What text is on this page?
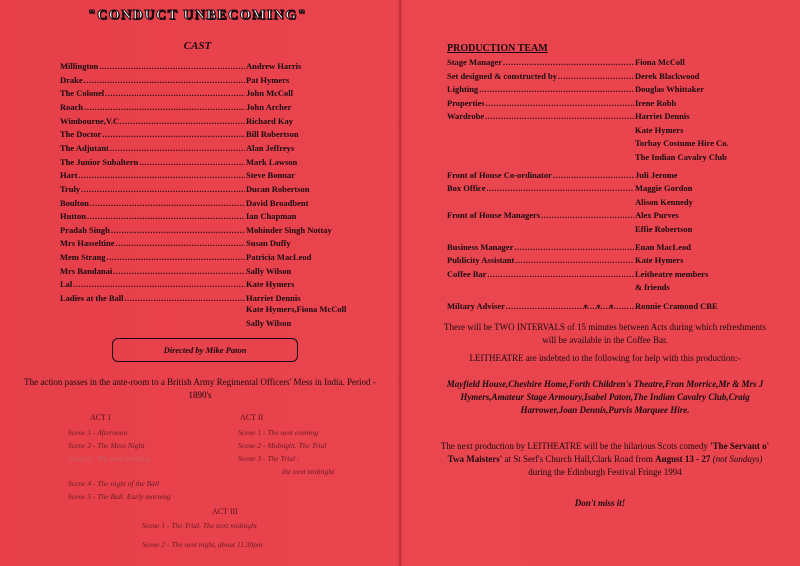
"CONDUCT UNBECOMING"
CAST
Millington .....	Andrew Harris
Drake .....	Pat Hymers
The Colonel .....	John McColl
Roach .....	John Archer
Wimbourne,V.C. .....	Richard Kay
The Doctor .....	Bill Robertson
The Adjutant .....	Alan Jeffreys
The Junior Subaltern .....	Mark Lawson
Hart .....	Steve Bonnar
Truly .....	Ducan Robertson
Boulton .....	David Broadbent
Hutton .....	Ian Chapman
Pradah Singh .....	Mohinder Singh Nottay
Mrs Hasseltine .....	Susan Duffy
Mem Strang .....	Patricia MacLeod
Mrs Bandanai .....	Sally Wilson
Lal .....	Kate Hymers
Ladies at the Ball .....	Harriet Dennis
Kate Hymers,Fiona McColl
Sally Wilson
Directed by Mike Paton
The action passes in the ante-room to a British Army Regimental Officers' Mess in India. Period - 1890's
ACT I
Scene 1 - Afternoon
Scene 2 - The Mess Night
Scene 3 - The next morning
Scene 4 - The night of the Ball
Scene 5 - The Ball. Early morning
ACT II
Scene 1 - The next evening
Scene 2 - Midnight. The Trial
Scene 3 - The Trial :
the next midnight
ACT III
Scene 1 - The Trial. The next midnight
Scene 2 - The next night, about 11.30pm
PRODUCTION TEAM
Stage Manager .....	Fiona McColl
Set designed & constructed by .....	Derek Blackwood
Lighting .....	Douglas Whittaker
Properties .....	Irene Robb
Wardrobe .....	Harriet Dennis
Kate Hymers
Torbay Costume Hire Co.
The Indian Cavalry Club
Front of House Co-ordinator .....	Juli Jerome
Box Office .....	Maggie Gordon
Alison Kennedy
Front of House Managers .....	Alex Purves
Effie Robertson
Business Manager .....	Euan MacLeod
Publicity Assistant .....	Kate Hymers
Coffee Bar .....	Leitheatre members
& friends
Miltary Adviser .....	Ronnie Cramond CBE
* * *
There will be TWO INTERVALS of 15 minutes between Acts during which refreshments will be available in the Coffee Bar.
LEITHEATRE are indebted to the following for help with this production:-
Mayfield House,Cheshire Home,Forth Children's Theatre,Fran Morrice,Mr & Mrs J Hymers,Amateur Stage Armoury,Isabel Paton,The Indian Cavalry Club,Craig Harrower,Joan Dennis,Purvis Marquee Hire.
The next production by LEITHEATRE will be the hilarious Scots comedy 'The Servant o' Twa Maisters' at St Serf's Church Hall,Clark Road from August 13 - 27 (not Sundays) during the Edinburgh Festival Fringe 1994
Don't miss it!
